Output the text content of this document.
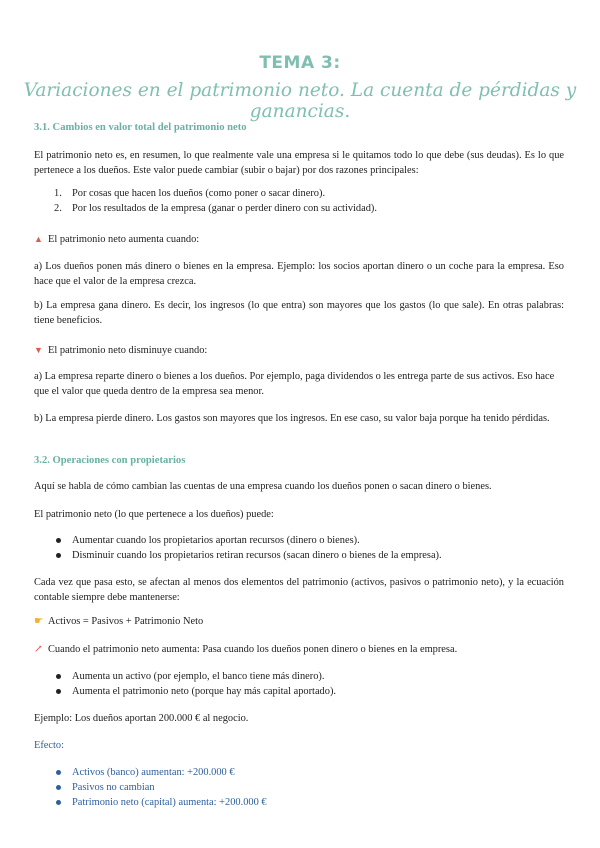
TEMA 3:
Variaciones en el patrimonio neto. La cuenta de pérdidas y ganancias.
3.1. Cambios en valor total del patrimonio neto

El patrimonio neto es, en resumen, lo que realmente vale una empresa si le quitamos todo lo que debe (sus deudas). Es lo que pertenece a los dueños. Este valor puede cambiar (subir o bajar) por dos razones principales:

1. Por cosas que hacen los dueños (como poner o sacar dinero).
2. Por los resultados de la empresa (ganar o perder dinero con su actividad).
▲ El patrimonio neto aumenta cuando:

a) Los dueños ponen más dinero o bienes en la empresa. Ejemplo: los socios aportan dinero o un coche para la empresa. Eso hace que el valor de la empresa crezca.

b) La empresa gana dinero. Es decir, los ingresos (lo que entra) son mayores que los gastos (lo que sale). En otras palabras: tiene beneficios.

▼ El patrimonio neto disminuye cuando:

a) La empresa reparte dinero o bienes a los dueños. Por ejemplo, paga dividendos o les entrega parte de sus activos. Eso hace que el valor que queda dentro de la empresa sea menor.

b) La empresa pierde dinero. Los gastos son mayores que los ingresos. En ese caso, su valor baja porque ha tenido pérdidas.

3.2. Operaciones con propietarios

Aquí se habla de cómo cambian las cuentas de una empresa cuando los dueños ponen o sacan dinero o bienes.

El patrimonio neto (lo que pertenece a los dueños) puede:

Aumentar cuando los propietarios aportan recursos (dinero o bienes).
Disminuir cuando los propietarios retiran recursos (sacan dinero o bienes de la empresa).

Cada vez que pasa esto, se afectan al menos dos elementos del patrimonio (activos, pasivos o patrimonio neto), y la ecuación contable siempre debe mantenerse:

☛ Activos = Pasivos + Patrimonio Neto
↗ Cuando el patrimonio neto aumenta: Pasa cuando los dueños ponen dinero o bienes en la empresa.
Aumenta un activo (por ejemplo, el banco tiene más dinero).
Aumenta el patrimonio neto (porque hay más capital aportado).

Ejemplo: Los dueños aportan 200.000 € al negocio.

Efecto:
Activos (banco) aumentan: +200.000 €
Pasivos no cambian
Patrimonio neto (capital) aumenta: +200.000 €
